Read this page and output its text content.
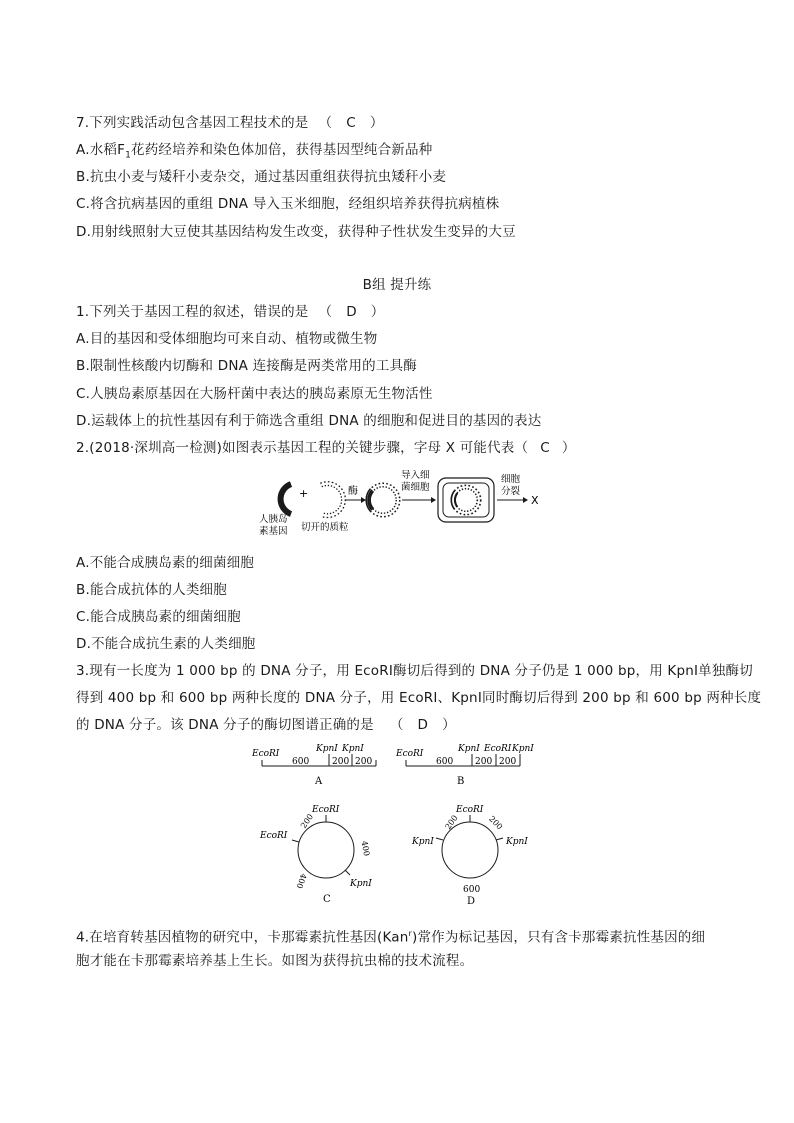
7.下列实践活动包含基因工程技术的是 （ C ）
A.水稻$F_1$花药经培养和染色体加倍，获得基因型纯合新品种
B.抗虫小麦与矮秆小麦杂交，通过基因重组获得抗虫矮秆小麦
C.将含抗病基因的重组 DNA 导入玉米细胞，经组织培养获得抗病植株
D.用射线照射大豆使其基因结构发生改变，获得种子性状发生变异的大豆
B组 提升练
1.下列关于基因工程的叙述，错误的是 （ D ）
A.目的基因和受体细胞均可来自动、植物或微生物
B.限制性核酸内切酶和 DNA 连接酶是两类常用的工具酶
C.人胰岛素原基因在大肠杆菌中表达的胰岛素原无生物活性
D.运载体上的抗性基因有利于筛选含重组 DNA 的细胞和促进目的基因的表达
2.(2018·深圳高一检测)如图表示基因工程的关键步骤，字母 X 可能代表（ C ）
+
人胰岛
素基因 切开的质粒
酶
导入细
菌细胞
细胞
分裂
X
A.不能合成胰岛素的细菌细胞
B.能合成抗体的人类细胞
C.能合成胰岛素的细菌细胞
D.不能合成抗生素的人类细胞
3.现有一长度为 1 000 bp 的 DNA 分子，用 EcoRⅠ酶切后得到的 DNA 分子仍是 1 000 bp，用 KpnⅠ单独酶切
得到 400 bp 和 600 bp 两种长度的 DNA 分子，用 EcoRⅠ、KpnⅠ同时酶切后得到 200 bp 和 600 bp 两种长度
的 DNA 分子。该 DNA 分子的酶切图谱正确的是 （ D ）
EcoRⅠ	KpnⅠ KpnⅠ
600	200 200
A
EcoRⅠ	KpnⅠ EcoRⅠ KpnⅠ
600 200 200
B
EcoRⅠ
EcoRⅠ
KpnⅠ
200
400
400
C
EcoRⅠ
KpnⅠ	KpnⅠ
200	200
600
D
4.在培育转基因植物的研究中，卡那霉素抗性基因(Kan$^r$)常作为标记基因，只有含卡那霉素抗性基因的细
胞才能在卡那霉素培养基上生长。如图为获得抗虫棉的技术流程。
